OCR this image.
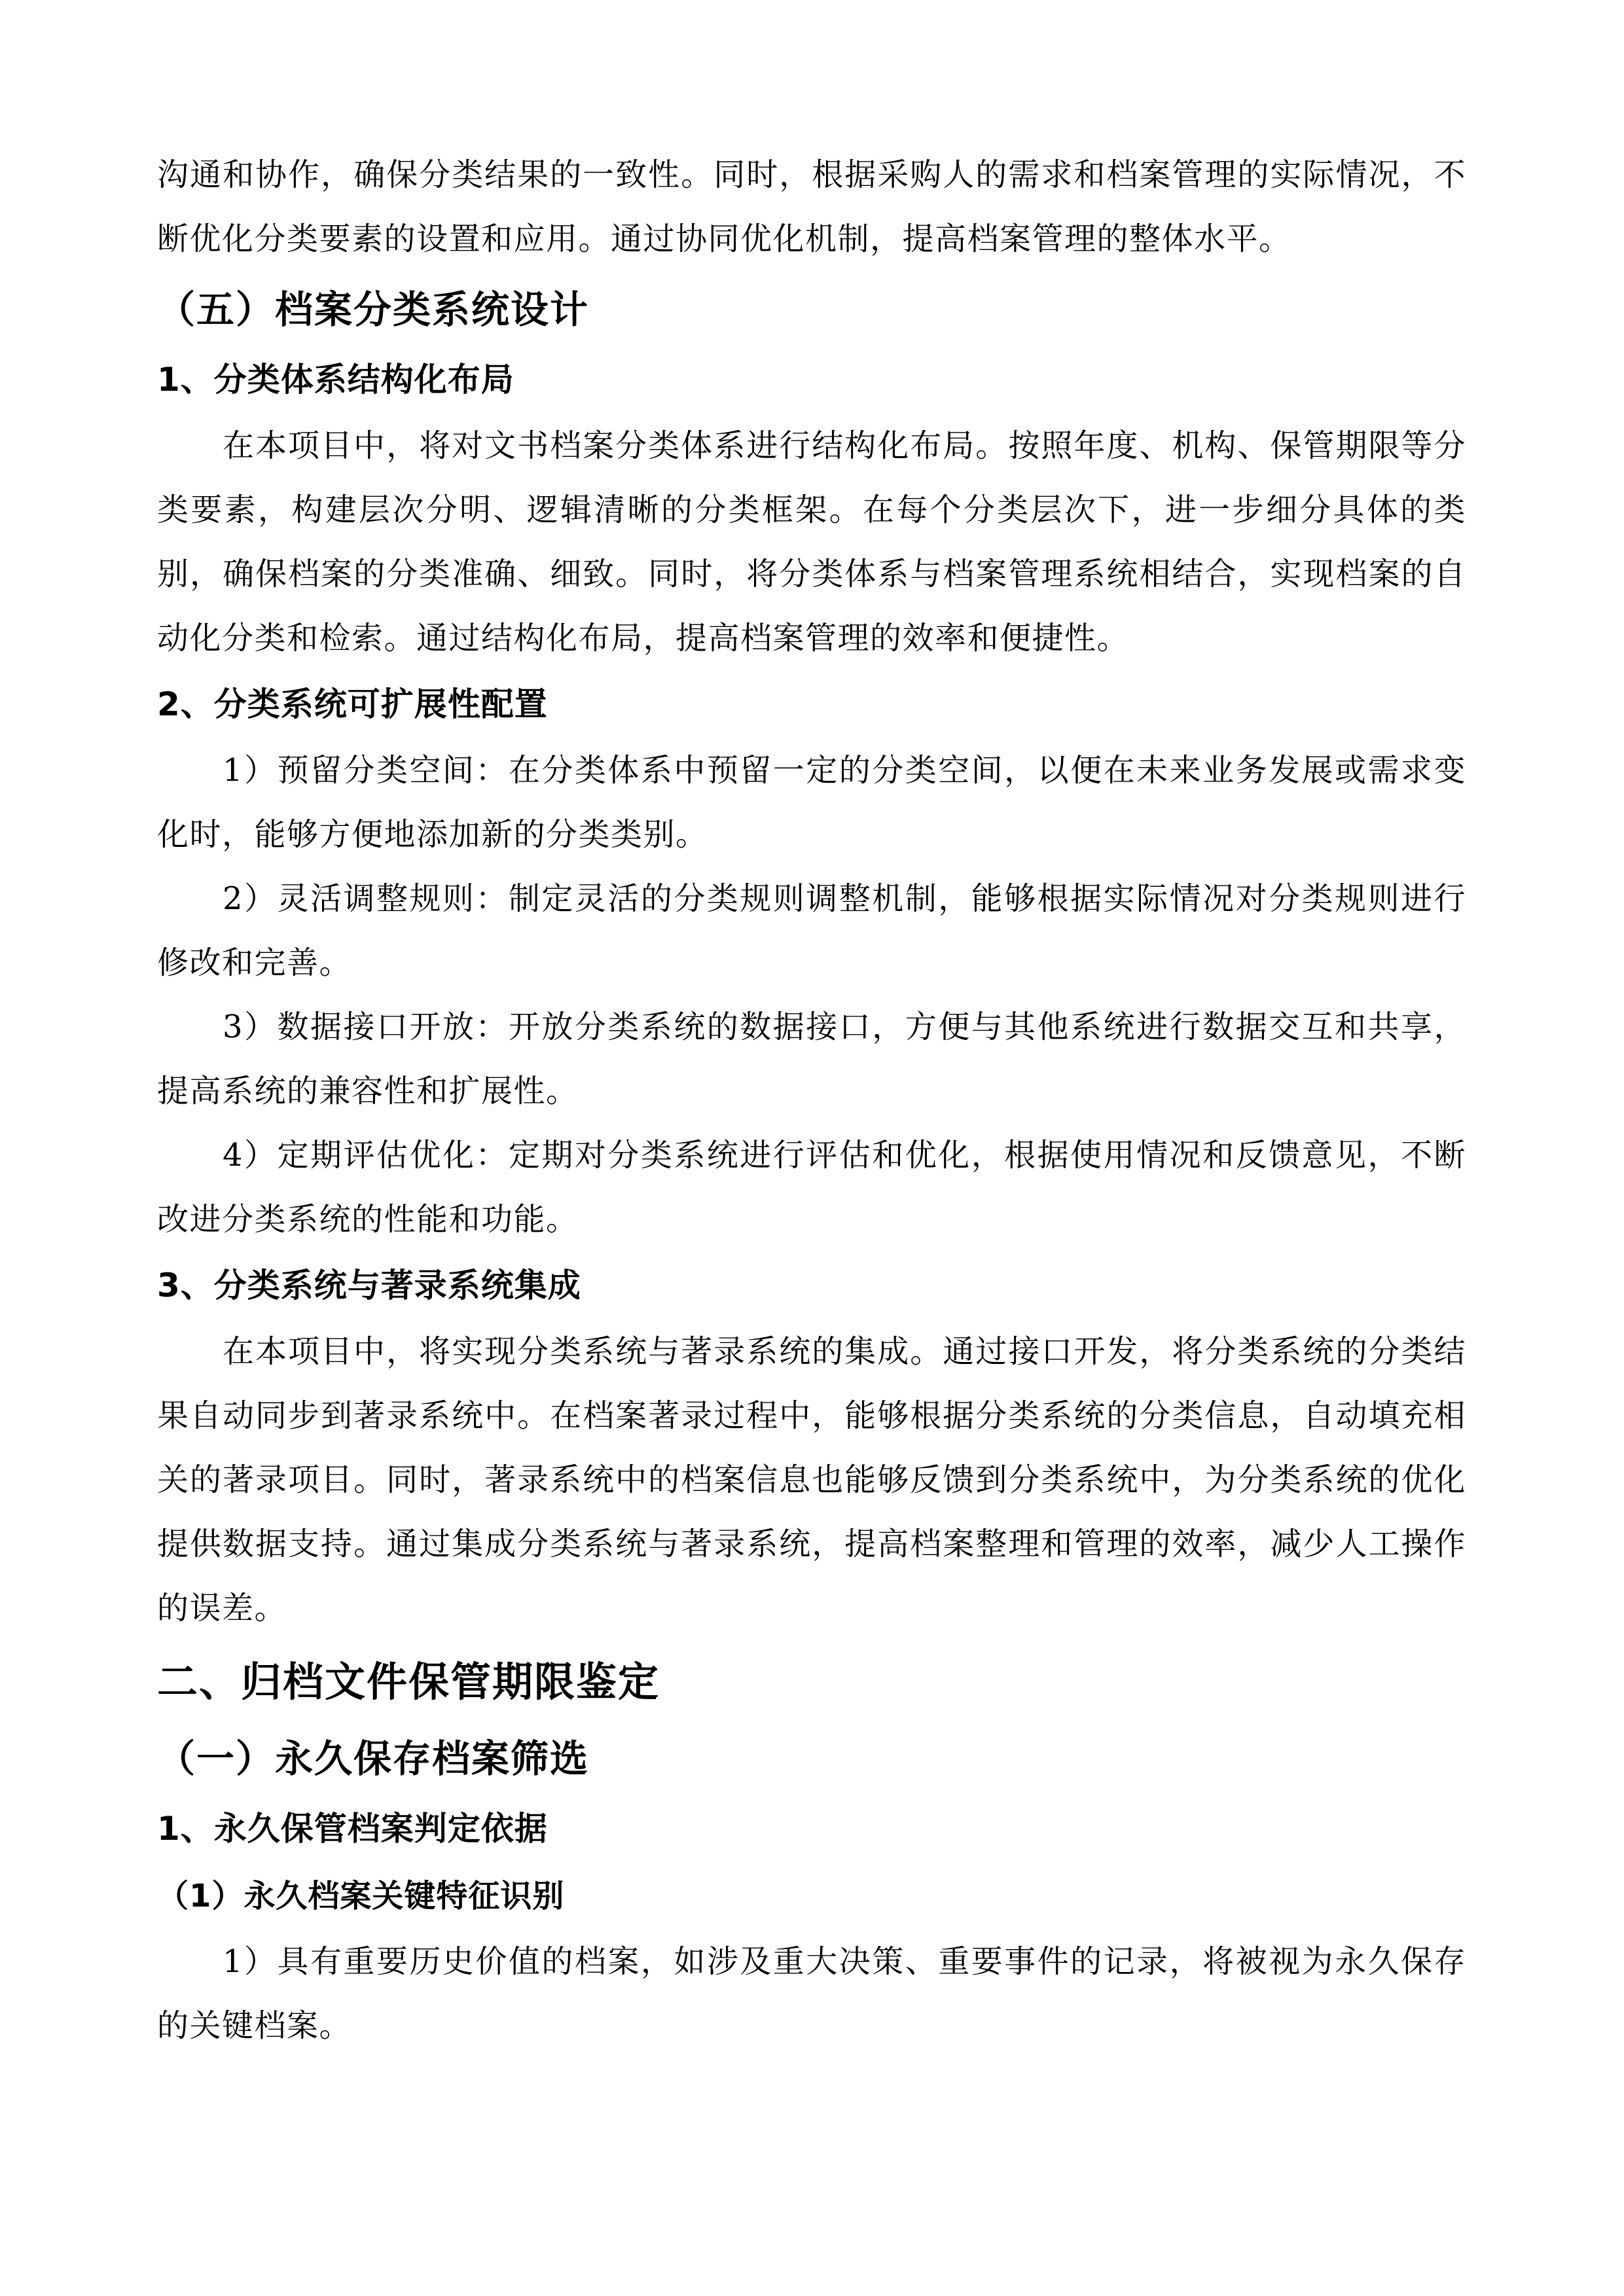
沟通和协作，确保分类结果的一致性。同时，根据采购人的需求和档案管理的实际情况，不断优化分类要素的设置和应用。通过协同优化机制，提高档案管理的整体水平。

（五）档案分类系统设计
1、分类体系结构化布局

在本项目中，将对文书档案分类体系进行结构化布局。按照年度、机构、保管期限等分类要素，构建层次分明、逻辑清晰的分类框架。在每个分类层次下，进一步细分具体的类别，确保档案的分类准确、细致。同时，将分类体系与档案管理系统相结合，实现档案的自动化分类和检索。通过结构化布局，提高档案管理的效率和便捷性。

2、分类系统可扩展性配置

1）预留分类空间：在分类体系中预留一定的分类空间，以便在未来业务发展或需求变化时，能够方便地添加新的分类类别。

2）灵活调整规则：制定灵活的分类规则调整机制，能够根据实际情况对分类规则进行修改和完善。

3）数据接口开放：开放分类系统的数据接口，方便与其他系统进行数据交互和共享，提高系统的兼容性和扩展性。

4）定期评估优化：定期对分类系统进行评估和优化，根据使用情况和反馈意见，不断改进分类系统的性能和功能。

3、分类系统与著录系统集成

在本项目中，将实现分类系统与著录系统的集成。通过接口开发，将分类系统的分类结果自动同步到著录系统中。在档案著录过程中，能够根据分类系统的分类信息，自动填充相关的著录项目。同时，著录系统中的档案信息也能够反馈到分类系统中，为分类系统的优化提供数据支持。通过集成分类系统与著录系统，提高档案整理和管理的效率，减少人工操作的误差。

二、归档文件保管期限鉴定
（一）永久保存档案筛选
1、永久保管档案判定依据
（1）永久档案关键特征识别

1）具有重要历史价值的档案，如涉及重大决策、重要事件的记录，将被视为永久保存的关键档案。
